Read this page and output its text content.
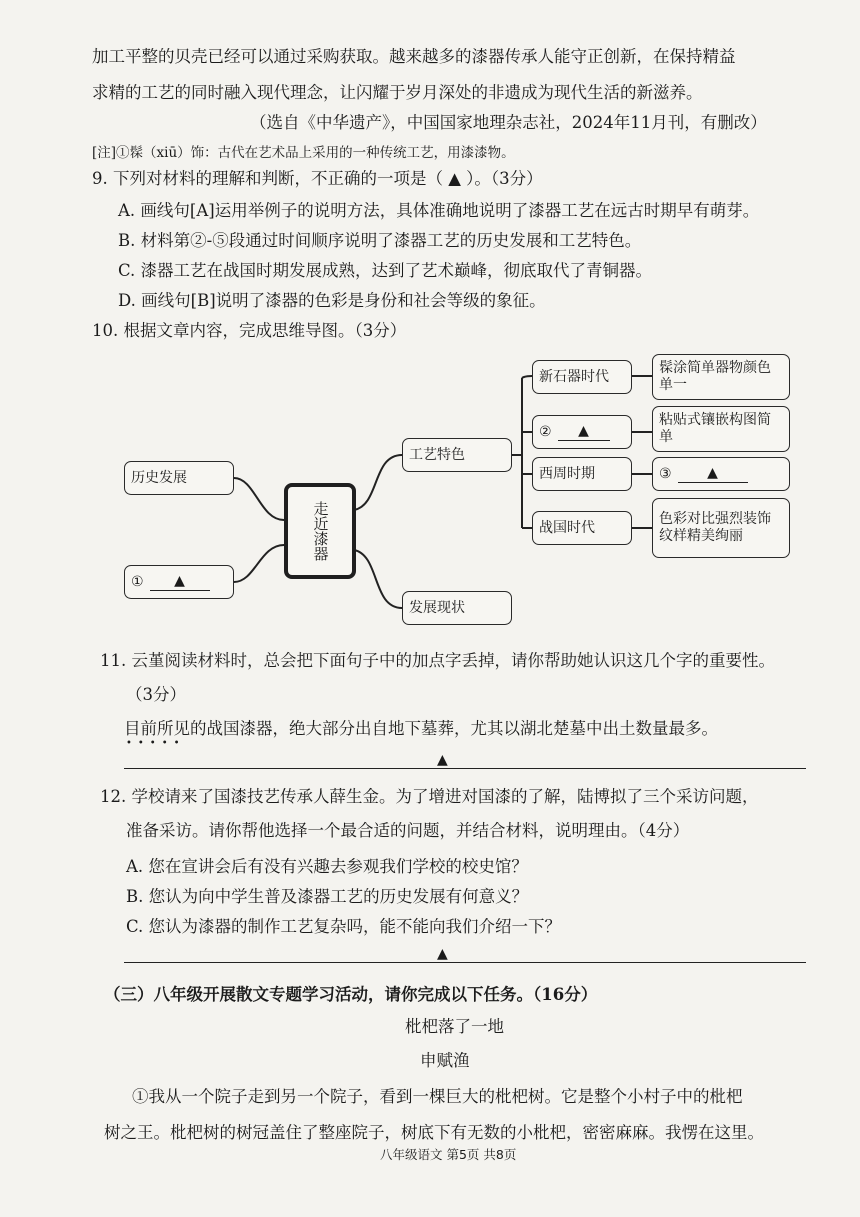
加工平整的贝壳已经可以通过采购获取。越来越多的漆器传承人能守正创新，在保持精益
求精的工艺的同时融入现代理念，让闪耀于岁月深处的非遗成为现代生活的新滋养。
（选自《中华遗产》，中国国家地理杂志社，2024年11月刊，有删改）
[注]①髹（xiū）饰：古代在艺术品上采用的一种传统工艺，用漆漆物。
9. 下列对材料的理解和判断，不正确的一项是（ ▲ ）。（3分）
A. 画线句[A]运用举例子的说明方法，具体准确地说明了漆器工艺在远古时期早有萌芽。
B. 材料第②-⑤段通过时间顺序说明了漆器工艺的历史发展和工艺特色。
C. 漆器工艺在战国时期发展成熟，达到了艺术巅峰，彻底取代了青铜器。
D. 画线句[B]说明了漆器的色彩是身份和社会等级的象征。
10. 根据文章内容，完成思维导图。（3分）
走近漆器
历史发展
①	▲
工艺特色
发展现状
新石器时代
②	▲
西周时期
战国时代
髹涂简单器物颜色单一
粘贴式镶嵌构图简单
③	▲
色彩对比强烈装饰纹样精美绚丽
11. 云堇阅读材料时，总会把下面句子中的加点字丢掉，请你帮助她认识这几个字的重要性。
（3分）
目前所见的战国漆器，绝大部分出自地下墓葬，尤其以湖北楚墓中出土数量最多。
•••••
▲
12. 学校请来了国漆技艺传承人薛生金。为了增进对国漆的了解，陆博拟了三个采访问题，
准备采访。请你帮他选择一个最合适的问题，并结合材料，说明理由。（4分）
A. 您在宣讲会后有没有兴趣去参观我们学校的校史馆？
B. 您认为向中学生普及漆器工艺的历史发展有何意义？
C. 您认为漆器的制作工艺复杂吗，能不能向我们介绍一下？
▲
（三）八年级开展散文专题学习活动，请你完成以下任务。（16分）
枇杷落了一地
申赋渔
①我从一个院子走到另一个院子，看到一棵巨大的枇杷树。它是整个小村子中的枇杷
树之王。枇杷树的树冠盖住了整座院子，树底下有无数的小枇杷，密密麻麻。我愣在这里。
八年级语文 第5页 共8页
